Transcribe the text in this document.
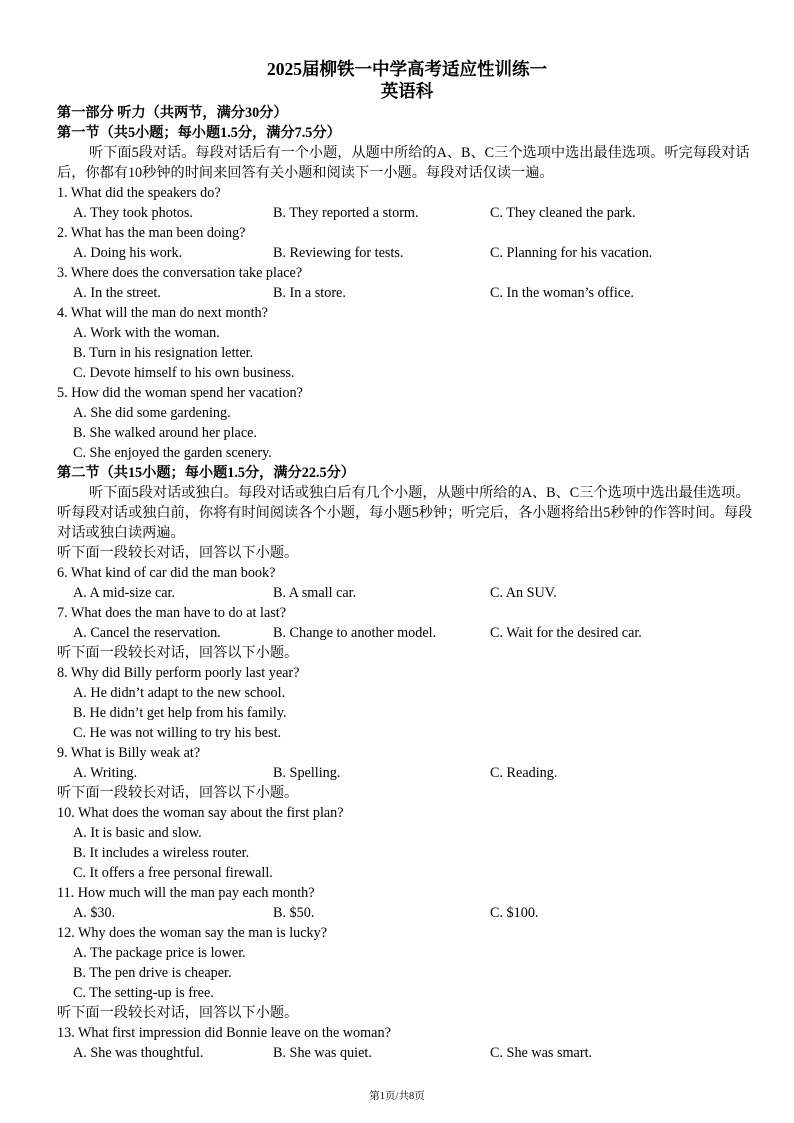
2025届柳铁一中学高考适应性训练一
英语科
第一部分 听力（共两节，满分30分）
第一节（共5小题；每小题1.5分，满分7.5分）
听下面5段对话。每段对话后有一个小题，从题中所给的A、B、C三个选项中选出最佳选项。听完每段对话后，你都有10秒钟的时间来回答有关小题和阅读下一小题。每段对话仅读一遍。
1. What did the speakers do?
A. They took photos.	B. They reported a storm.	C. They cleaned the park.
2. What has the man been doing?
A. Doing his work.	B. Reviewing for tests.	C. Planning for his vacation.
3. Where does the conversation take place?
A. In the street.	B. In a store.	C. In the woman’s office.
4. What will the man do next month?
A. Work with the woman.
B. Turn in his resignation letter.
C. Devote himself to his own business.
5. How did the woman spend her vacation?
A. She did some gardening.
B. She walked around her place.
C. She enjoyed the garden scenery.
第二节（共15小题；每小题1.5分，满分22.5分）
听下面5段对话或独白。每段对话或独白后有几个小题，从题中所给的A、B、C三个选项中选出最佳选项。听每段对话或独白前，你将有时间阅读各个小题，每小题5秒钟；听完后，各小题将给出5秒钟的作答时间。每段对话或独白读两遍。
听下面一段较长对话，回答以下小题。
6. What kind of car did the man book?
A. A mid-size car.	B. A small car.	C. An SUV.
7. What does the man have to do at last?
A. Cancel the reservation.	B. Change to another model.	C. Wait for the desired car.
听下面一段较长对话，回答以下小题。
8. Why did Billy perform poorly last year?
A. He didn’t adapt to the new school.
B. He didn’t get help from his family.
C. He was not willing to try his best.
9. What is Billy weak at?
A. Writing.	B. Spelling.	C. Reading.
听下面一段较长对话，回答以下小题。
10. What does the woman say about the first plan?
A. It is basic and slow.
B. It includes a wireless router.
C. It offers a free personal firewall.
11. How much will the man pay each month?
A. $30.	B. $50.	C. $100.
12. Why does the woman say the man is lucky?
A. The package price is lower.
B. The pen drive is cheaper.
C. The setting-up is free.
听下面一段较长对话，回答以下小题。
13. What first impression did Bonnie leave on the woman?
A. She was thoughtful.	B. She was quiet.	C. She was smart.
第1页/共8页
